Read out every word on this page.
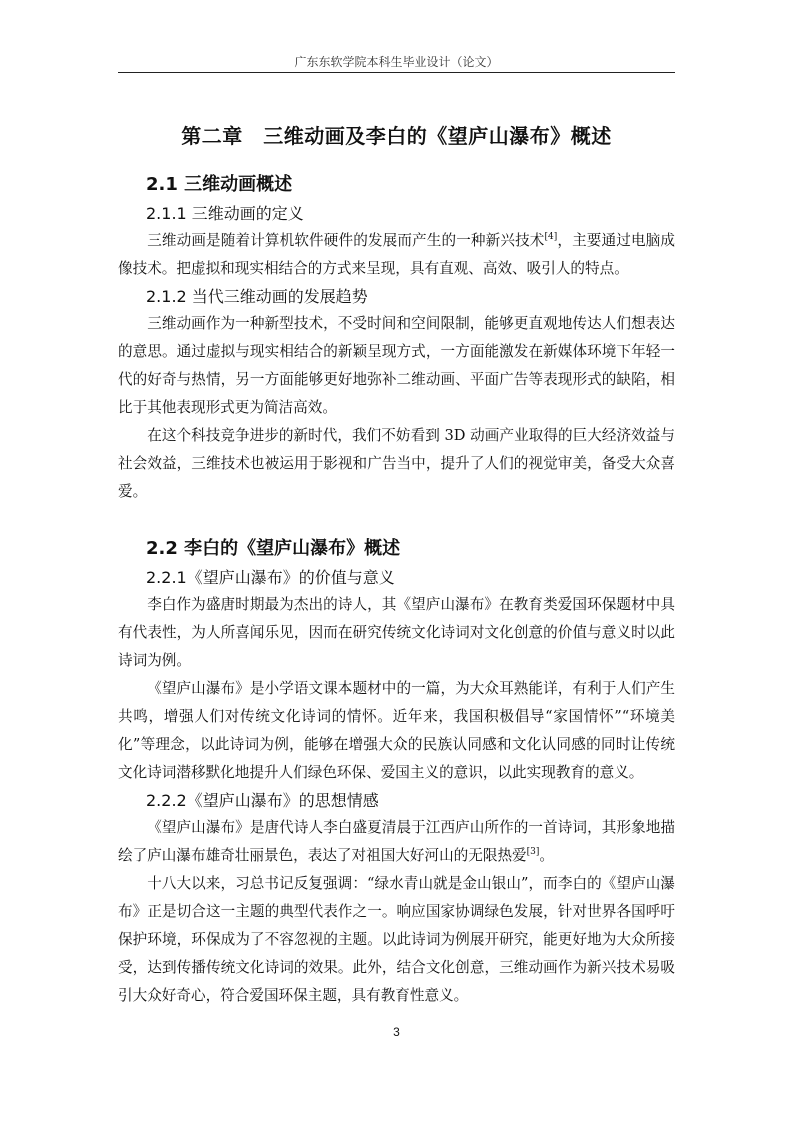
广东东软学院本科生毕业设计（论文）
第二章　三维动画及李白的《望庐山瀑布》概述
2.1 三维动画概述
2.1.1 三维动画的定义

三维动画是随着计算机软件硬件的发展而产生的一种新兴技术[4]，主要通过电脑成像技术。把虚拟和现实相结合的方式来呈现，具有直观、高效、吸引人的特点。

2.1.2 当代三维动画的发展趋势

三维动画作为一种新型技术，不受时间和空间限制，能够更直观地传达人们想表达的意思。通过虚拟与现实相结合的新颖呈现方式，一方面能激发在新媒体环境下年轻一代的好奇与热情，另一方面能够更好地弥补二维动画、平面广告等表现形式的缺陷，相比于其他表现形式更为简洁高效。

在这个科技竞争进步的新时代，我们不妨看到 3D 动画产业取得的巨大经济效益与社会效益，三维技术也被运用于影视和广告当中，提升了人们的视觉审美，备受大众喜爱。

2.2 李白的《望庐山瀑布》概述
2.2.1《望庐山瀑布》的价值与意义

李白作为盛唐时期最为杰出的诗人，其《望庐山瀑布》在教育类爱国环保题材中具有代表性，为人所喜闻乐见，因而在研究传统文化诗词对文化创意的价值与意义时以此诗词为例。

《望庐山瀑布》是小学语文课本题材中的一篇，为大众耳熟能详，有利于人们产生共鸣，增强人们对传统文化诗词的情怀。近年来，我国积极倡导“家国情怀”“环境美化”等理念，以此诗词为例，能够在增强大众的民族认同感和文化认同感的同时让传统文化诗词潜移默化地提升人们绿色环保、爱国主义的意识，以此实现教育的意义。

2.2.2《望庐山瀑布》的思想情感

《望庐山瀑布》是唐代诗人李白盛夏清晨于江西庐山所作的一首诗词，其形象地描绘了庐山瀑布雄奇壮丽景色，表达了对祖国大好河山的无限热爱[3]。

十八大以来，习总书记反复强调：“绿水青山就是金山银山”，而李白的《望庐山瀑布》正是切合这一主题的典型代表作之一。响应国家协调绿色发展，针对世界各国呼吁保护环境，环保成为了不容忽视的主题。以此诗词为例展开研究，能更好地为大众所接受，达到传播传统文化诗词的效果。此外，结合文化创意，三维动画作为新兴技术易吸引大众好奇心，符合爱国环保主题，具有教育性意义。

3
